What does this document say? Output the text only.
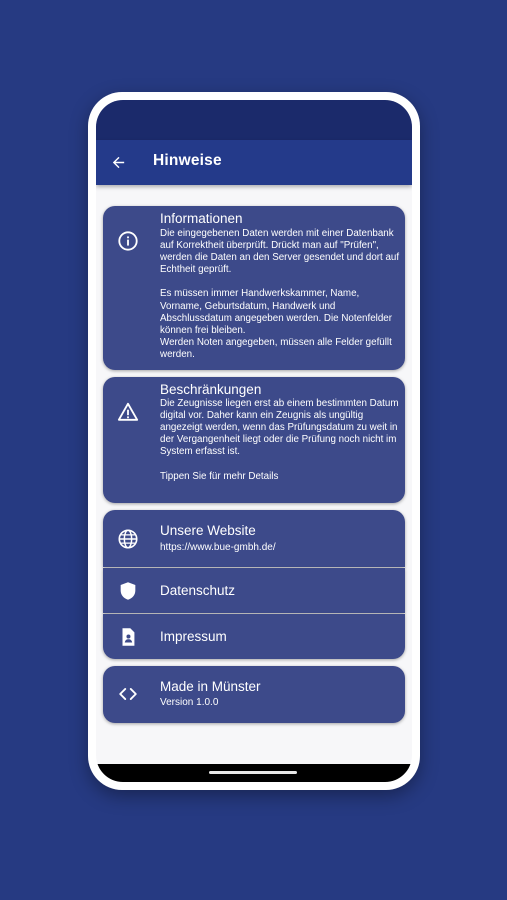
Hinweise
Informationen
Die eingegebenen Daten werden mit einer Datenbank auf Korrektheit überprüft. Drückt man auf "Prüfen", werden die Daten an den Server gesendet und dort auf Echtheit geprüft.

Es müssen immer Handwerkskammer, Name, Vorname, Geburtsdatum, Handwerk und Abschlussdatum angegeben werden. Die Notenfelder können frei bleiben.
Werden Noten angegeben, müssen alle Felder gefüllt werden.
Beschränkungen
Die Zeugnisse liegen erst ab einem bestimmten Datum digital vor. Daher kann ein Zeugnis als ungültig angezeigt werden, wenn das Prüfungsdatum zu weit in der Vergangenheit liegt oder die Prüfung noch nicht im System erfasst ist.

Tippen Sie für mehr Details
Unsere Website
https://www.bue-gmbh.de/
Datenschutz
Impressum
Made in Münster
Version 1.0.0
